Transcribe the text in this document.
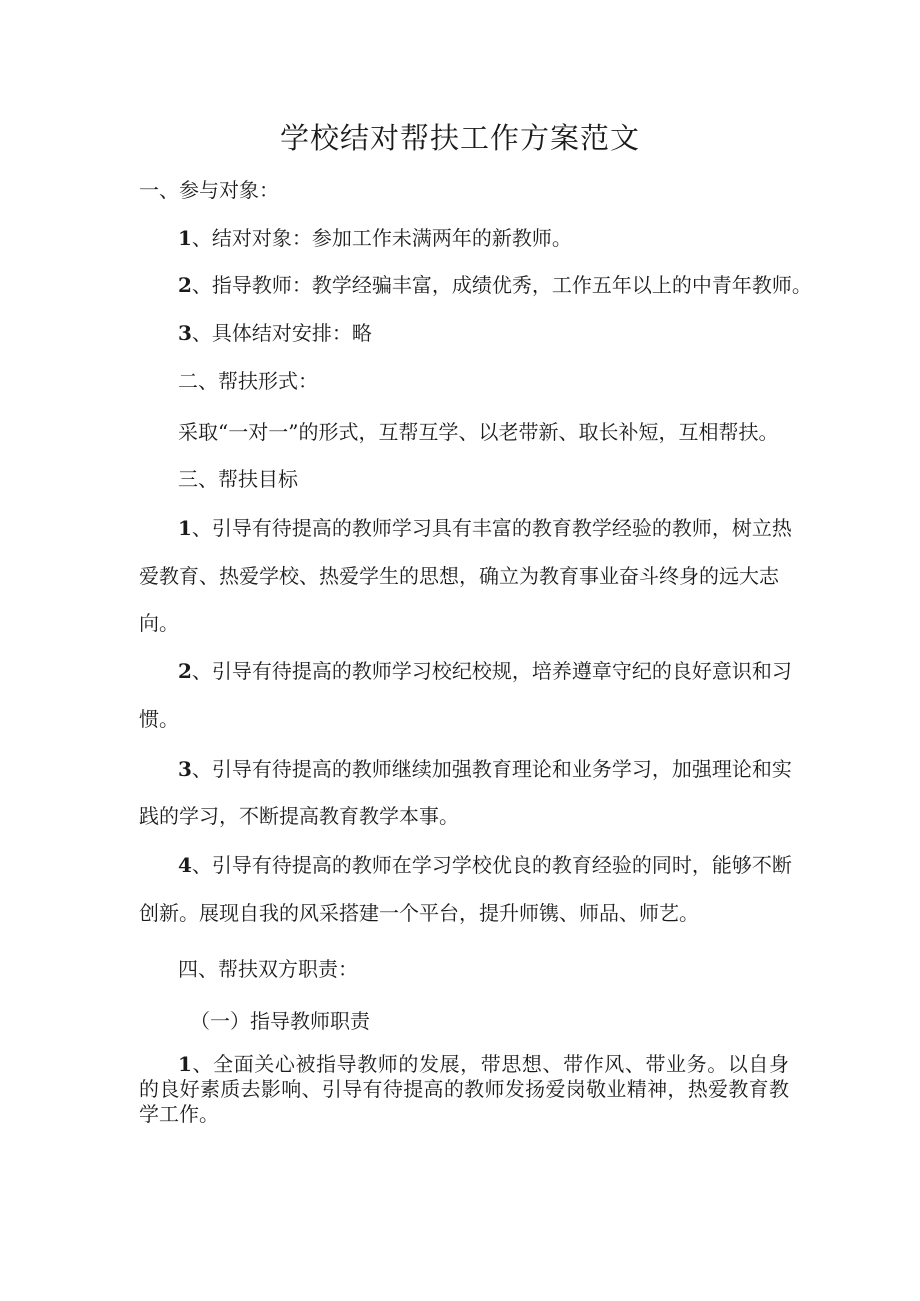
学校结对帮扶工作方案范文
一、参与对象：
1、结对对象：参加工作未满两年的新教师。
2、指导教师：教学经骗丰富，成绩优秀，工作五年以上的中青年教师。
3、具体结对安排：略
二、帮扶形式：
采取“一对一”的形式，互帮互学、以老带新、取长补短，互相帮扶。
三、帮扶目标
1、引导有待提高的教师学习具有丰富的教育教学经验的教师，树立热
爱教育、热爱学校、热爱学生的思想，确立为教育事业奋斗终身的远大志
向。
2、引导有待提高的教师学习校纪校规，培养遵章守纪的良好意识和习
惯。
3、引导有待提高的教师继续加强教育理论和业务学习，加强理论和实
践的学习，不断提高教育教学本事。
4、引导有待提高的教师在学习学校优良的教育经验的同时，能够不断
创新。展现自我的风采搭建一个平台，提升师镌、师品、师艺。
四、帮扶双方职责：
（一）指导教师职责
1、全面关心被指导教师的发展，带思想、带作风、带业务。以自身的良好素质去影响、引导有待提高的教师发扬爱岗敬业精神，热爱教育教学工作。
